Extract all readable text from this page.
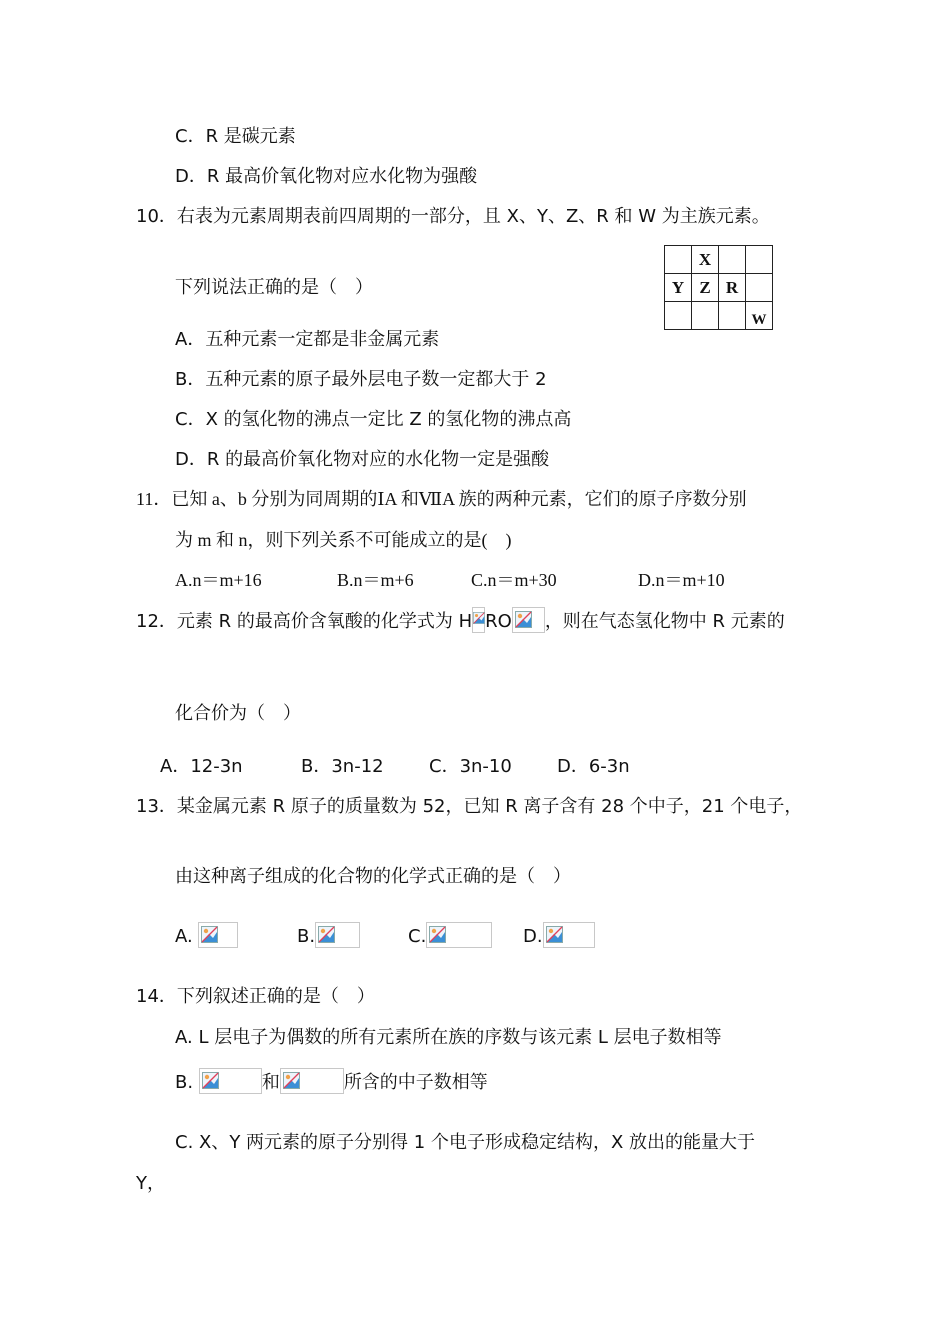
C．R 是碳元素
D．R 最高价氧化物对应水化物为强酸
10．右表为元素周期表前四周期的一部分，且 X、Y、Z、R 和 W 为主族元素。
下列说法正确的是（　）
	X		
Y	Z	R	
			W
A．五种元素一定都是非金属元素
B．五种元素的原子最外层电子数一定都大于 2
C．X 的氢化物的沸点一定比 Z 的氢化物的沸点高
D．R 的最高价氧化物对应的水化物一定是强酸
11．已知 a、b 分别为同周期的ⅠA 和ⅦA 族的两种元素，它们的原子序数分别
为 m 和 n，则下列关系不可能成立的是(　)
A.n＝m+16	B.n＝m+6	C.n＝m+30	D.n＝m+10
12．元素 R 的最高价含氧酸的化学式为 H RO ，则在气态氢化物中 R 元素的
化合价为（　）
A．12-3n	B．3n-12	C．3n-10	D．6-3n
13．某金属元素 R 原子的质量数为 52，已知 R 离子含有 28 个中子，21 个电子，
由这种离子组成的化合物的化学式正确的是（　）
A.	B.	C.	D.
14．下列叙述正确的是（　）
A. L 层电子为偶数的所有元素所在族的序数与该元素 L 层电子数相等
B.	和	所含的中子数相等
C. X、Y 两元素的原子分别得 1 个电子形成稳定结构，X 放出的能量大于
Y，
